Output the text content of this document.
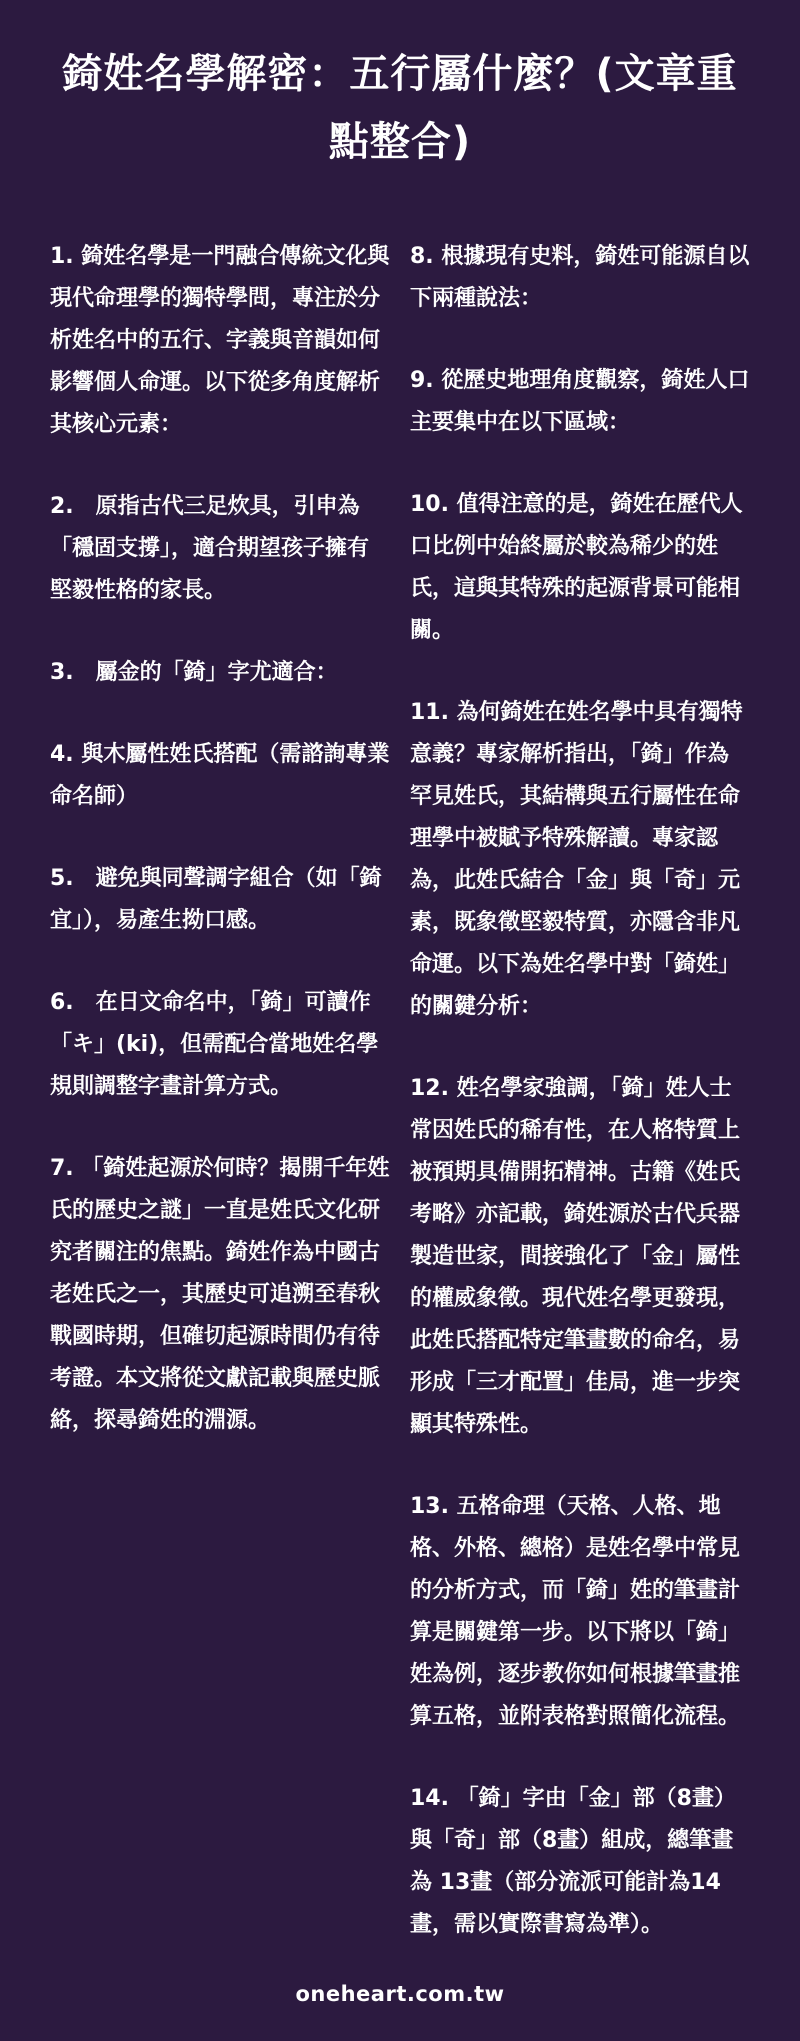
錡姓名學解密：五行屬什麼？(文章重點整合)

1. 錡姓名學是一門融合傳統文化與現代命理學的獨特學問，專注於分析姓名中的五行、字義與音韻如何影響個人命運。以下從多角度解析其核心元素：

2.　原指古代三足炊具，引申為「穩固支撐」，適合期望孩子擁有堅毅性格的家長。

3.　屬金的「錡」字尤適合：

4. 與木屬性姓氏搭配（需諮詢專業命名師）

5.　避免與同聲調字組合（如「錡宜」），易產生拗口感。

6.　在日文命名中，「錡」可讀作「キ」(ki)，但需配合當地姓名學規則調整字畫計算方式。

7. 「錡姓起源於何時？揭開千年姓氏的歷史之謎」一直是姓氏文化研究者關注的焦點。錡姓作為中國古老姓氏之一，其歷史可追溯至春秋戰國時期，但確切起源時間仍有待考證。本文將從文獻記載與歷史脈絡，探尋錡姓的淵源。

8. 根據現有史料，錡姓可能源自以下兩種說法：

9. 從歷史地理角度觀察，錡姓人口主要集中在以下區域：

10. 值得注意的是，錡姓在歷代人口比例中始終屬於較為稀少的姓氏，這與其特殊的起源背景可能相關。

11. 為何錡姓在姓名學中具有獨特意義？專家解析指出，「錡」作為罕見姓氏，其結構與五行屬性在命理學中被賦予特殊解讀。專家認為，此姓氏結合「金」與「奇」元素，既象徵堅毅特質，亦隱含非凡命運。以下為姓名學中對「錡姓」的關鍵分析：

12. 姓名學家強調，「錡」姓人士常因姓氏的稀有性，在人格特質上被預期具備開拓精神。古籍《姓氏考略》亦記載，錡姓源於古代兵器製造世家，間接強化了「金」屬性的權威象徵。現代姓名學更發現，此姓氏搭配特定筆畫數的命名，易形成「三才配置」佳局，進一步突顯其特殊性。

13. 五格命理（天格、人格、地格、外格、總格）是姓名學中常見的分析方式，而「錡」姓的筆畫計算是關鍵第一步。以下將以「錡」姓為例，逐步教你如何根據筆畫推算五格，並附表格對照簡化流程。

14. 「錡」字由「金」部（8畫）與「奇」部（8畫）組成，總筆畫為 13畫（部分流派可能計為14畫，需以實際書寫為準）。

oneheart.com.tw
